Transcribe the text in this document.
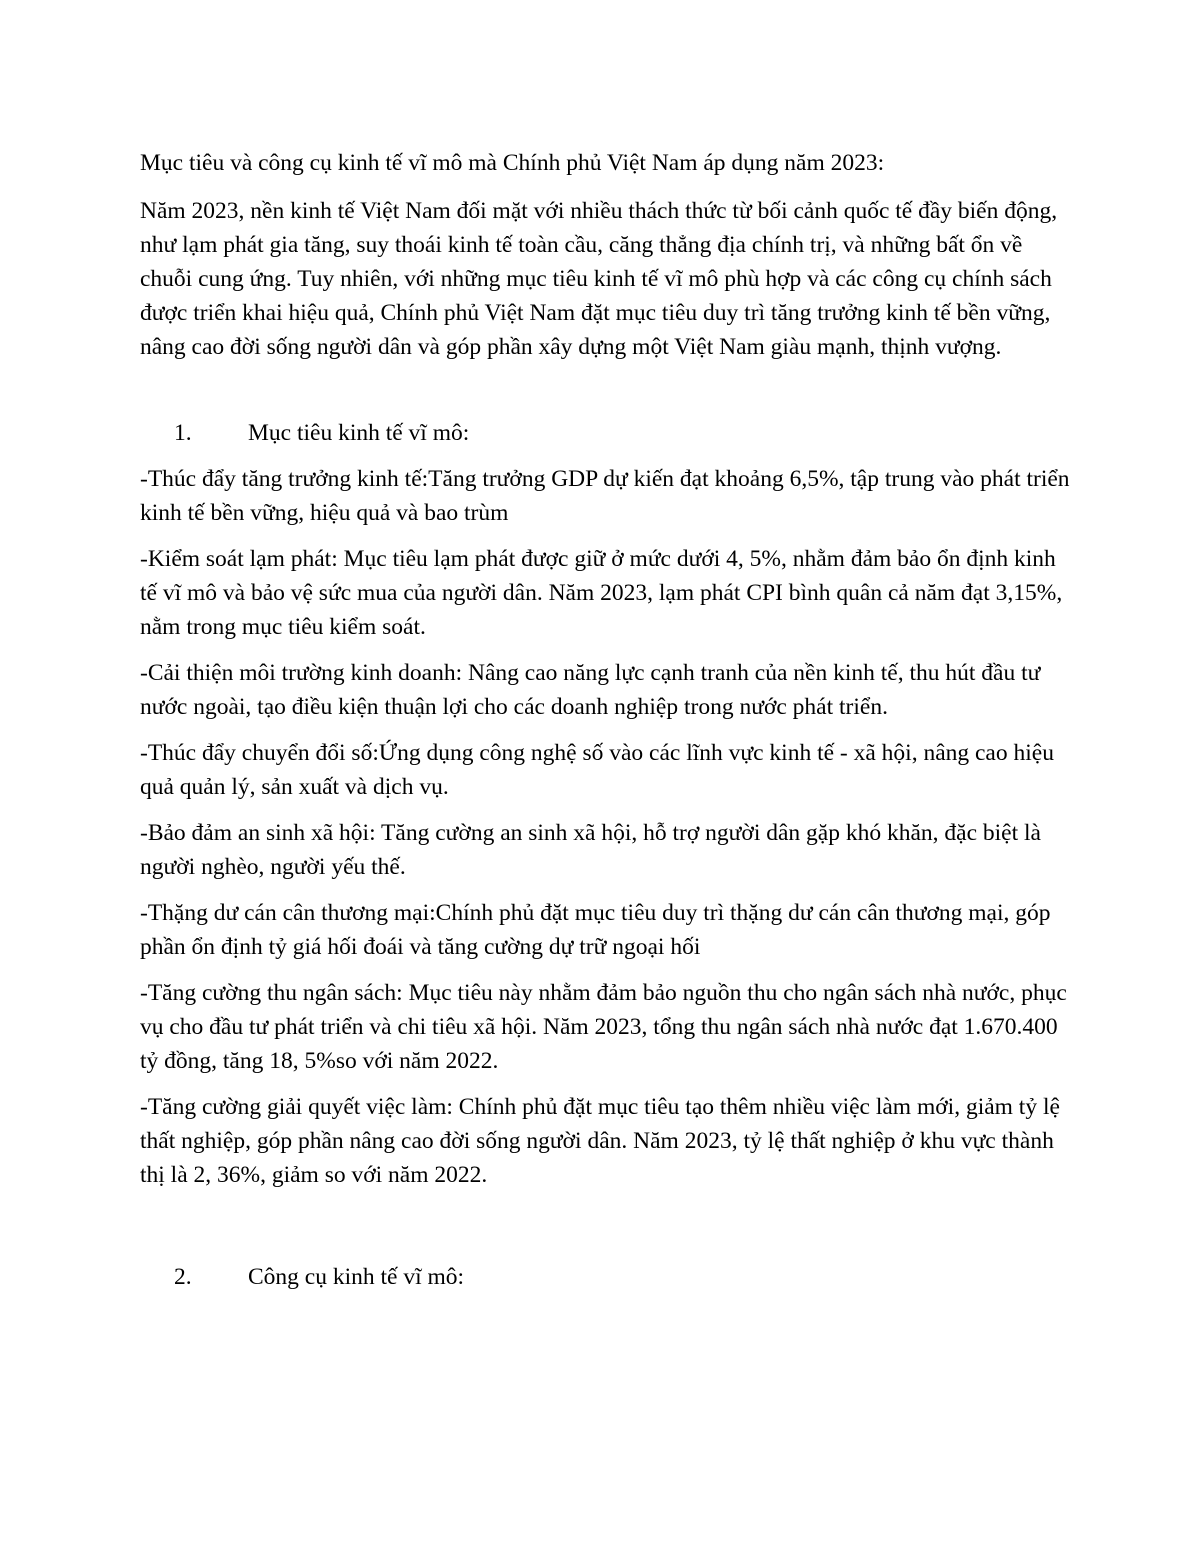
Mục tiêu và công cụ kinh tế vĩ mô mà Chính phủ Việt Nam áp dụng năm 2023:

Năm 2023, nền kinh tế Việt Nam đối mặt với nhiều thách thức từ bối cảnh quốc tế đầy biến động, như lạm phát gia tăng, suy thoái kinh tế toàn cầu, căng thẳng địa chính trị, và những bất ổn về chuỗi cung ứng. Tuy nhiên, với những mục tiêu kinh tế vĩ mô phù hợp và các công cụ chính sách được triển khai hiệu quả, Chính phủ Việt Nam đặt mục tiêu duy trì tăng trưởng kinh tế bền vững, nâng cao đời sống người dân và góp phần xây dựng một Việt Nam giàu mạnh, thịnh vượng.

1.	Mục tiêu kinh tế vĩ mô:

-Thúc đẩy tăng trưởng kinh tế:Tăng trưởng GDP dự kiến đạt khoảng 6,5%, tập trung vào phát triển kinh tế bền vững, hiệu quả và bao trùm

-Kiểm soát lạm phát: Mục tiêu lạm phát được giữ ở mức dưới 4, 5%, nhằm đảm bảo ổn định kinh tế vĩ mô và bảo vệ sức mua của người dân. Năm 2023, lạm phát CPI bình quân cả năm đạt 3,15%, nằm trong mục tiêu kiểm soát.

-Cải thiện môi trường kinh doanh: Nâng cao năng lực cạnh tranh của nền kinh tế, thu hút đầu tư nước ngoài, tạo điều kiện thuận lợi cho các doanh nghiệp trong nước phát triển.

-Thúc đẩy chuyển đổi số:Ứng dụng công nghệ số vào các lĩnh vực kinh tế - xã hội, nâng cao hiệu quả quản lý, sản xuất và dịch vụ.

-Bảo đảm an sinh xã hội: Tăng cường an sinh xã hội, hỗ trợ người dân gặp khó khăn, đặc biệt là người nghèo, người yếu thế.

-Thặng dư cán cân thương mại:Chính phủ đặt mục tiêu duy trì thặng dư cán cân thương mại, góp phần ổn định tỷ giá hối đoái và tăng cường dự trữ ngoại hối

-Tăng cường thu ngân sách: Mục tiêu này nhằm đảm bảo nguồn thu cho ngân sách nhà nước, phục vụ cho đầu tư phát triển và chi tiêu xã hội. Năm 2023, tổng thu ngân sách nhà nước đạt 1.670.400 tỷ đồng, tăng 18, 5%so với năm 2022.

-Tăng cường giải quyết việc làm: Chính phủ đặt mục tiêu tạo thêm nhiều việc làm mới, giảm tỷ lệ thất nghiệp, góp phần nâng cao đời sống người dân. Năm 2023, tỷ lệ thất nghiệp ở khu vực thành thị là 2, 36%, giảm so với năm 2022.

2.	Công cụ kinh tế vĩ mô:
